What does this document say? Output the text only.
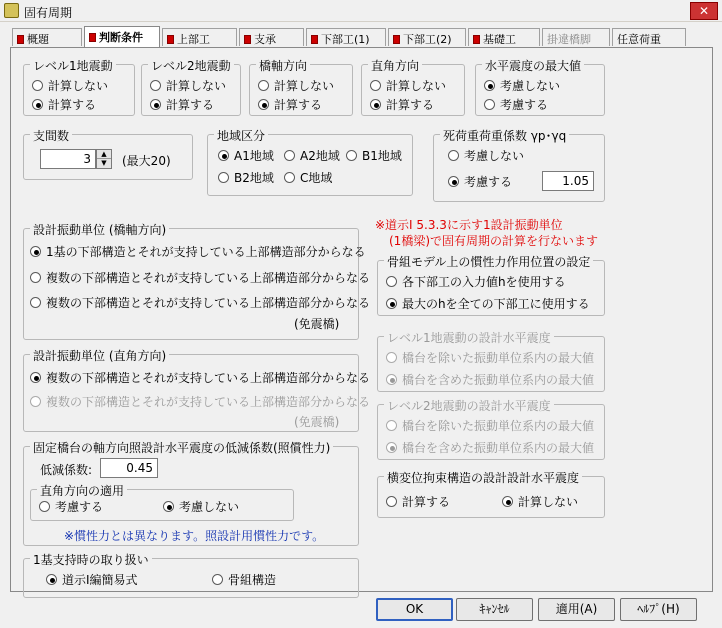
固有周期	✕
概題	判断条件	上部工	支承	下部工(1)	下部工(2)	基礎工	掛違橋脚	任意荷重
レベル1地震動
計算しない
計算する
レベル2地震動
計算しない
計算する
橋軸方向
計算しない
計算する
直角方向
計算しない
計算する
水平震度の最大値
考慮しない
考慮する
支間数
3	▲
▼	(最大20)
地域区分
A1地域	A2地域	B1地域
B2地域	C地域
死荷重荷重係数 γp･γq
考慮しない
考慮する	1.05
※道示Ⅰ 5.3.3に示す1設計振動単位
(1橋梁)で固有周期の計算を行ないます
設計振動単位 (橋軸方向)
1基の下部構造とそれが支持している上部構造部分からなる
複数の下部構造とそれが支持している上部構造部分からなる
複数の下部構造とそれが支持している上部構造部分からなる
(免震橋)
設計振動単位 (直角方向)
複数の下部構造とそれが支持している上部構造部分からなる
複数の下部構造とそれが支持している上部構造部分からなる
(免震橋)
固定橋台の軸方向照設計水平震度の低減係数(照償性力)
低減係数:	0.45
直角方向の適用
考慮する	考慮しない
※慣性力とは異なります。照設計用慣性力です。
1基支持時の取り扱い
道示Ⅰ編簡易式	骨組構造
骨組モデル上の慣性力作用位置の設定
各下部工の入力値hを使用する
最大のhを全ての下部工に使用する
レベル1地震動の設計水平震度
橋台を除いた振動単位系内の最大値
橋台を含めた振動単位系内の最大値
レベル2地震動の設計水平震度
橋台を除いた振動単位系内の最大値
橋台を含めた振動単位系内の最大値
横変位拘束構造の設計設計水平震度
計算する	計算しない
OK	ｷｬﾝｾﾙ	適用(A)	ﾍﾙﾌﾟ(H)
